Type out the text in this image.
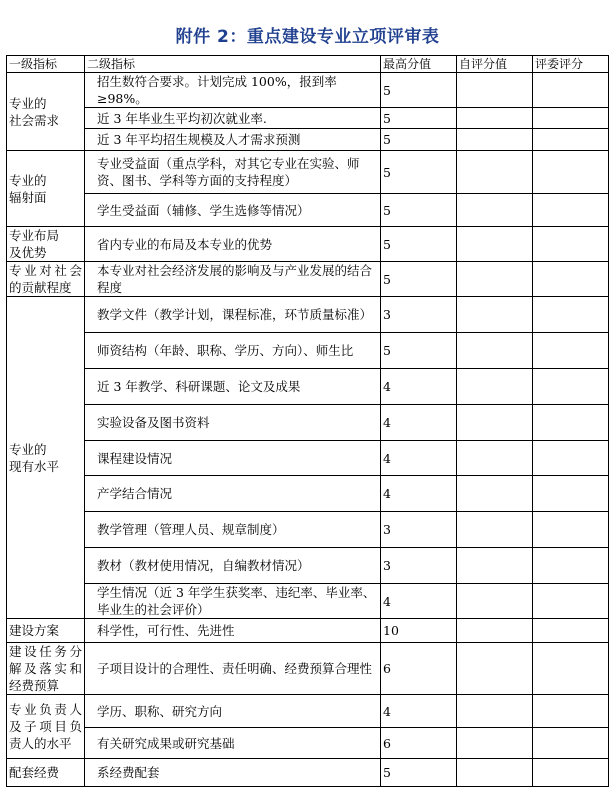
附件 2：重点建设专业立项评审表
一级指标	二级指标	最高分值	自评分值	评委评分
专业的
社会需求	招生数符合要求。计划完成 100%，报到率≥98%。	5		
	近 3 年毕业生平均初次就业率.	5		
	近 3 年平均招生规模及人才需求预测	5		
专业的
辐射面	专业受益面（重点学科，对其它专业在实验、师资、图书、学科等方面的支持程度）	5		
	学生受益面（辅修、学生选修等情况）	5		
专业布局
及优势	省内专业的布局及本专业的优势	5		
专业对社会的贡献程度	本专业对社会经济发展的影响及与产业发展的结合程度	5		
专业的
现有水平	教学文件（教学计划，课程标准，环节质量标准）	3		
	师资结构（年龄、职称、学历、方向）、师生比	5		
	近 3 年教学、科研课题、论文及成果	4		
	实验设备及图书资料	4		
	课程建设情况	4		
	产学结合情况	4		
	教学管理（管理人员、规章制度）	3		
	教材（教材使用情况，自编教材情况）	3		
	学生情况（近 3 年学生获奖率、违纪率、毕业率、毕业生的社会评价）	4		
建设方案	科学性，可行性、先进性	10		
建设任务分解及落实和经费预算	子项目设计的合理性、责任明确、经费预算合理性	6		
专业负责人及子项目负责人的水平	学历、职称、研究方向	4		
	有关研究成果或研究基础	6		
配套经费	系经费配套	5		
